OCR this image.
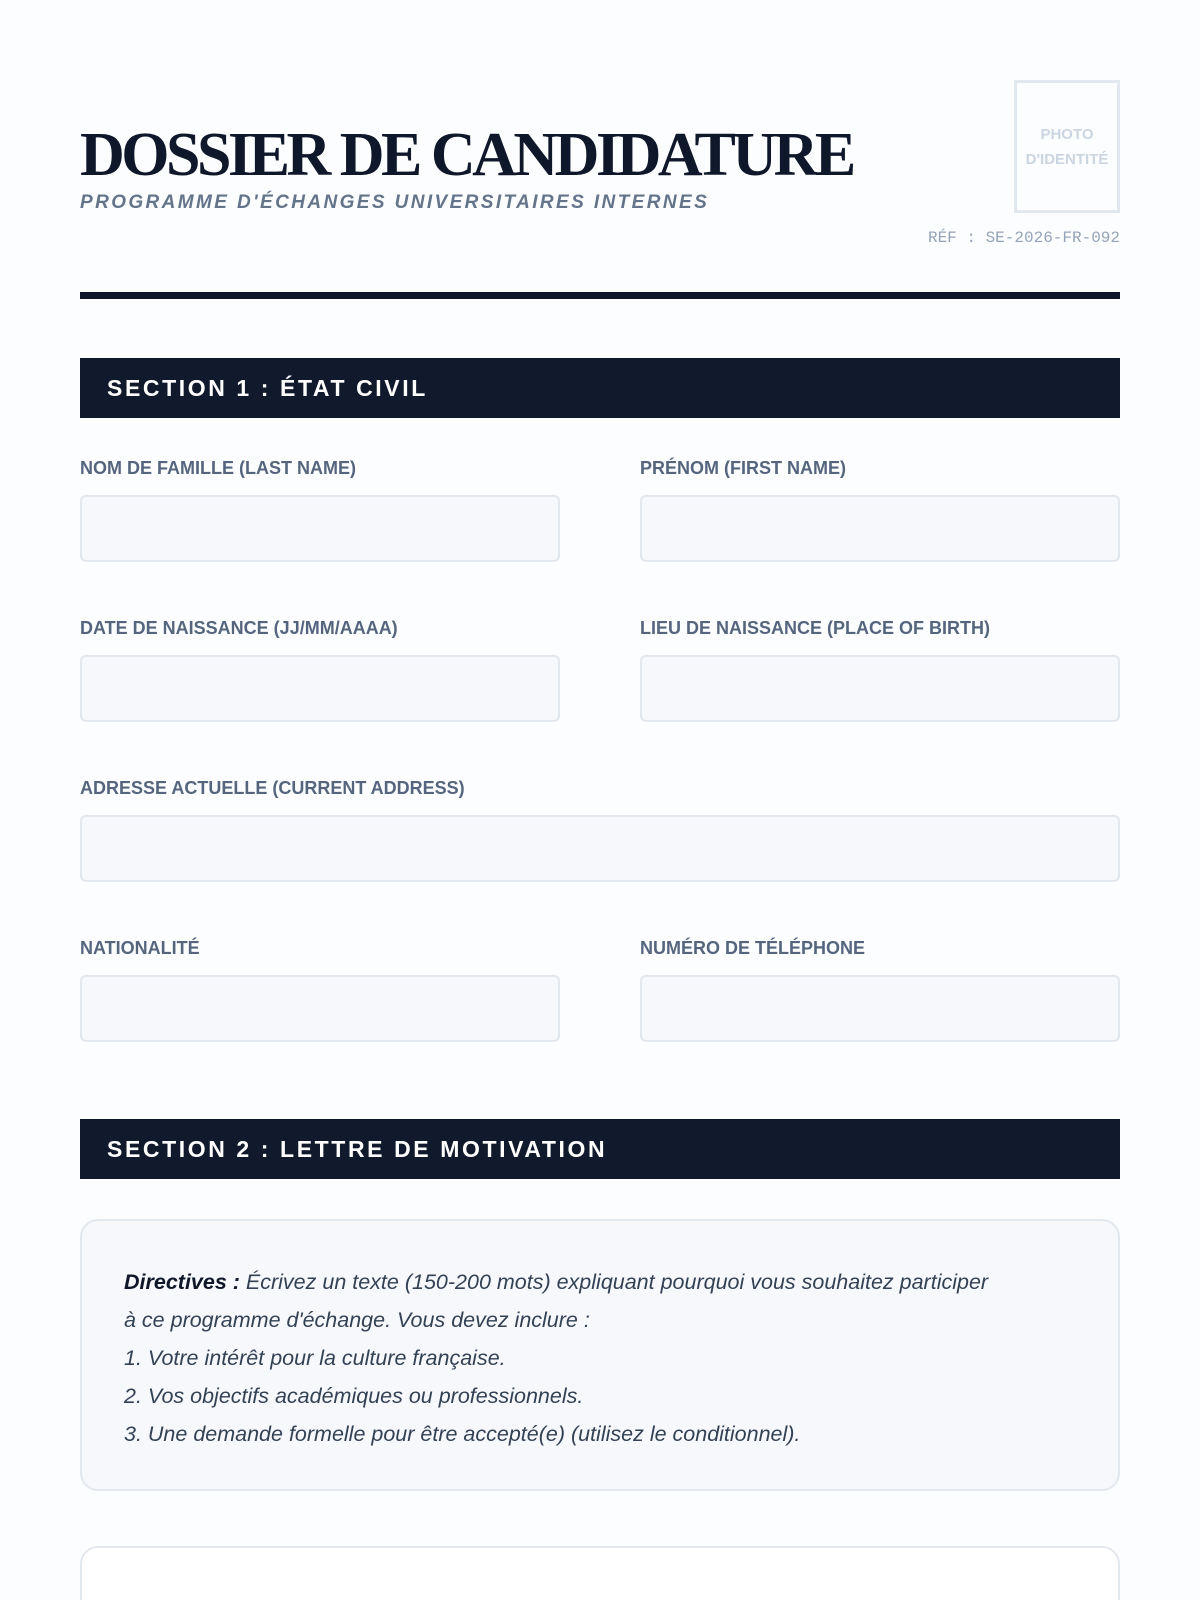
DOSSIER DE CANDIDATURE
PROGRAMME D'ÉCHANGES UNIVERSITAIRES INTERNES
PHOTO
D'IDENTITÉ
RÉF : SE-2026-FR-092
SECTION 1 : ÉTAT CIVIL
NOM DE FAMILLE (LAST NAME)	PRÉNOM (FIRST NAME)
DATE DE NAISSANCE (JJ/MM/AAAA)	LIEU DE NAISSANCE (PLACE OF BIRTH)
ADRESSE ACTUELLE (CURRENT ADDRESS)
NATIONALITÉ	NUMÉRO DE TÉLÉPHONE
SECTION 2 : LETTRE DE MOTIVATION
Directives : Écrivez un texte (150-200 mots) expliquant pourquoi vous souhaitez participer
à ce programme d'échange. Vous devez inclure :
1. Votre intérêt pour la culture française.
2. Vos objectifs académiques ou professionnels.
3. Une demande formelle pour être accepté(e) (utilisez le conditionnel).
